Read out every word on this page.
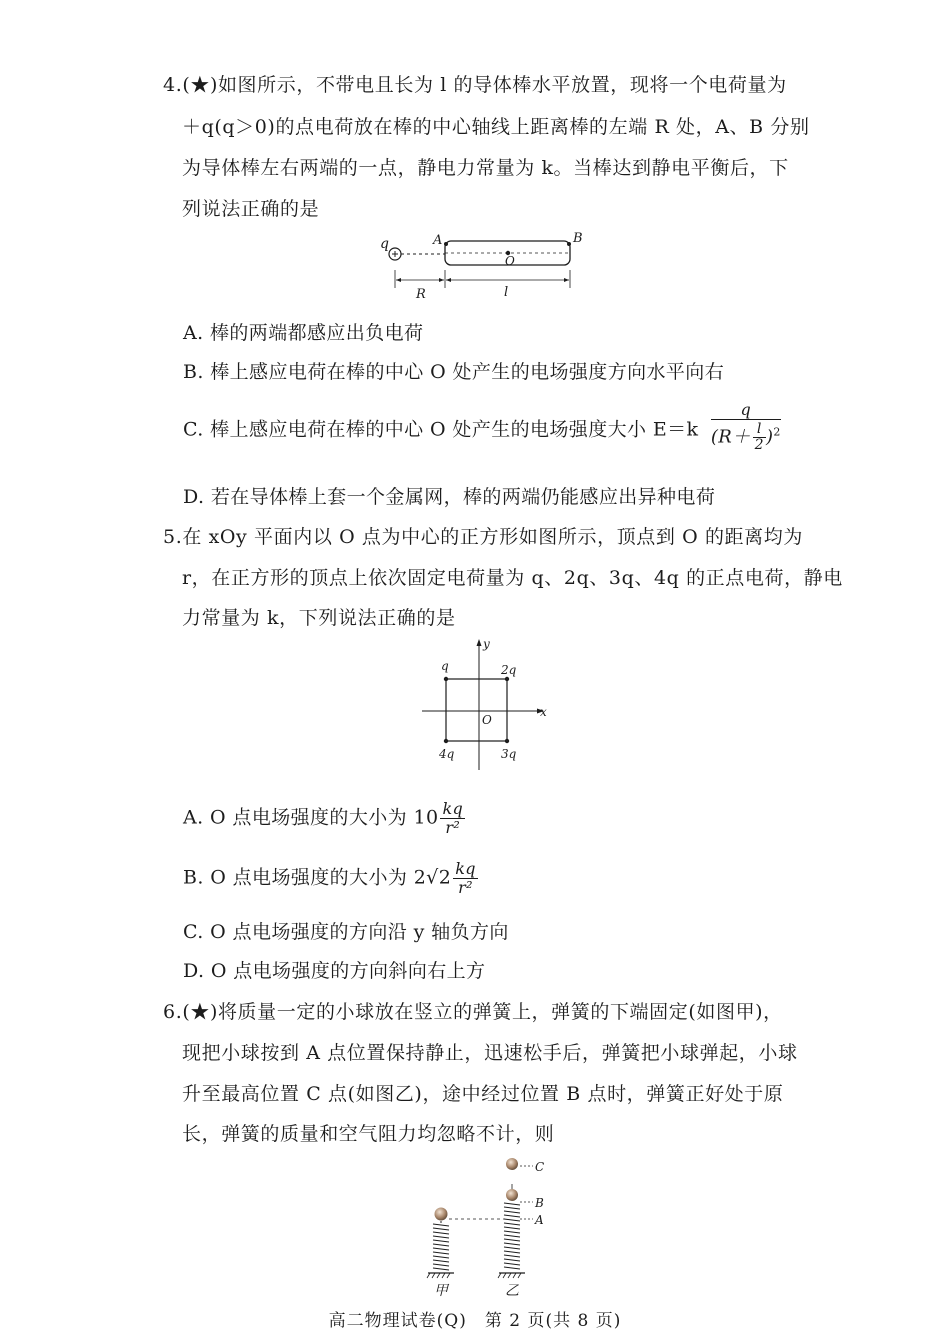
4.(★)如图所示，不带电且长为 l 的导体棒水平放置，现将一个电荷量为
＋q(q＞0)的点电荷放在棒的中心轴线上距离棒的左端 R 处，A、B 分别
为导体棒左右两端的一点，静电力常量为 k。当棒达到静电平衡后，下
列说法正确的是
q	A	B
O
R	l
A. 棒的两端都感应出负电荷
B. 棒上感应电荷在棒的中心 O 处产生的电场强度方向水平向右
C. 棒上感应电荷在棒的中心 O 处产生的电场强度大小 $E=k \frac{q}{(R+ \frac{l}{2} )^2}$
D. 若在导体棒上套一个金属网，棒的两端仍能感应出异种电荷
5.在 xOy 平面内以 O 点为中心的正方形如图所示，顶点到 O 的距离均为
r，在正方形的顶点上依次固定电荷量为 q、2q、3q、4q 的正点电荷，静电
力常量为 k，下列说法正确的是
x
y
q	2q
3q
4q
O
A. O 点电场强度的大小为 $10 \frac{kq}{\text{r²}}$
B. O 点电场强度的大小为 $2√2 \frac{kq}{\text{r²}}$
C. O 点电场强度的方向沿 y 轴负方向
D. O 点电场强度的方向斜向右上方
6.(★)将质量一定的小球放在竖立的弹簧上，弹簧的下端固定(如图甲)，
现把小球按到 A 点位置保持静止，迅速松手后，弹簧把小球弹起，小球
升至最高位置 C 点(如图乙)，途中经过位置 B 点时，弹簧正好处于原
长，弹簧的质量和空气阻力均忽略不计，则
C
B
A
甲	乙
高二物理试卷(Q)　第 2 页(共 8 页)
